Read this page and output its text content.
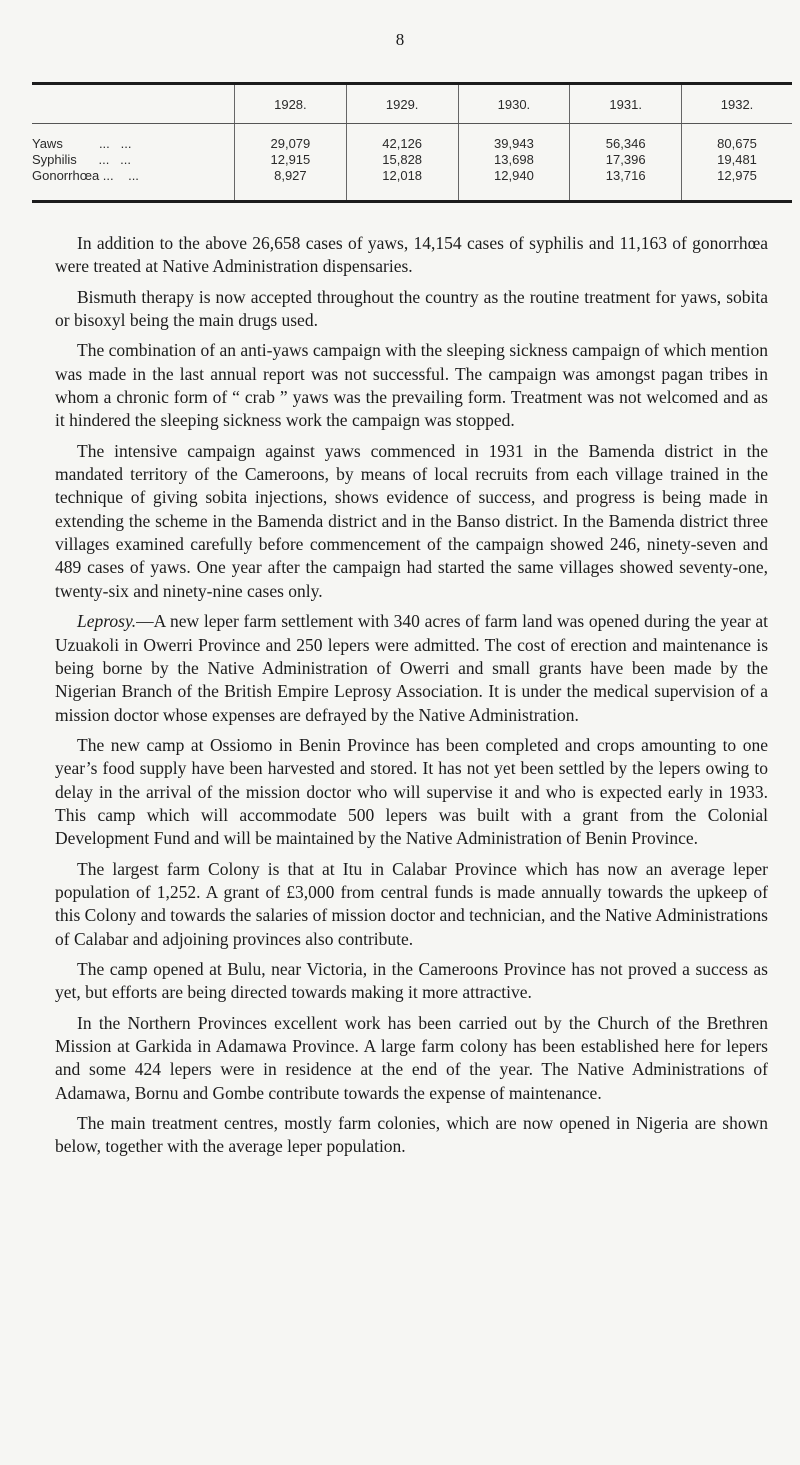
8
	1928.	1929.	1930.	1931.	1932.
Yaws          ...   ...	29,079	42,126	39,943	56,346	80,675
Syphilis      ...   ...	12,915	15,828	13,698	17,396	19,481
Gonorrhœa ...    ...	8,927	12,018	12,940	13,716	12,975

In addition to the above 26,658 cases of yaws, 14,154 cases of syphilis and 11,163 of gonorrhœa were treated at Native Administration dispensaries.

Bismuth therapy is now accepted throughout the country as the routine treatment for yaws, sobita or bisoxyl being the main drugs used.

The combination of an anti-yaws campaign with the sleeping sickness campaign of which mention was made in the last annual report was not successful. The campaign was amongst pagan tribes in whom a chronic form of “ crab ” yaws was the prevailing form. Treatment was not welcomed and as it hindered the sleeping sickness work the campaign was stopped.

The intensive campaign against yaws commenced in 1931 in the Bamenda district in the mandated territory of the Cameroons, by means of local recruits from each village trained in the technique of giving sobita injections, shows evidence of success, and progress is being made in extending the scheme in the Bamenda district and in the Banso district. In the Bamenda district three villages examined carefully before commencement of the campaign showed 246, ninety-seven and 489 cases of yaws. One year after the campaign had started the same villages showed seventy-one, twenty-six and ninety-nine cases only.

Leprosy.—A new leper farm settlement with 340 acres of farm land was opened during the year at Uzuakoli in Owerri Province and 250 lepers were admitted. The cost of erection and maintenance is being borne by the Native Administration of Owerri and small grants have been made by the Nigerian Branch of the British Empire Leprosy Association. It is under the medical supervision of a mission doctor whose expenses are defrayed by the Native Administration.

The new camp at Ossiomo in Benin Province has been completed and crops amounting to one year’s food supply have been harvested and stored. It has not yet been settled by the lepers owing to delay in the arrival of the mission doctor who will supervise it and who is expected early in 1933. This camp which will accommodate 500 lepers was built with a grant from the Colonial Development Fund and will be maintained by the Native Administration of Benin Province.

The largest farm Colony is that at Itu in Calabar Province which has now an average leper population of 1,252. A grant of £3,000 from central funds is made annually towards the upkeep of this Colony and towards the salaries of mission doctor and technician, and the Native Administrations of Calabar and adjoining provinces also contribute.

The camp opened at Bulu, near Victoria, in the Cameroons Province has not proved a success as yet, but efforts are being directed towards making it more attractive.

In the Northern Provinces excellent work has been carried out by the Church of the Brethren Mission at Garkida in Adamawa Province. A large farm colony has been established here for lepers and some 424 lepers were in residence at the end of the year. The Native Administrations of Adamawa, Bornu and Gombe contribute towards the expense of maintenance.

The main treatment centres, mostly farm colonies, which are now opened in Nigeria are shown below, together with the average leper population.
